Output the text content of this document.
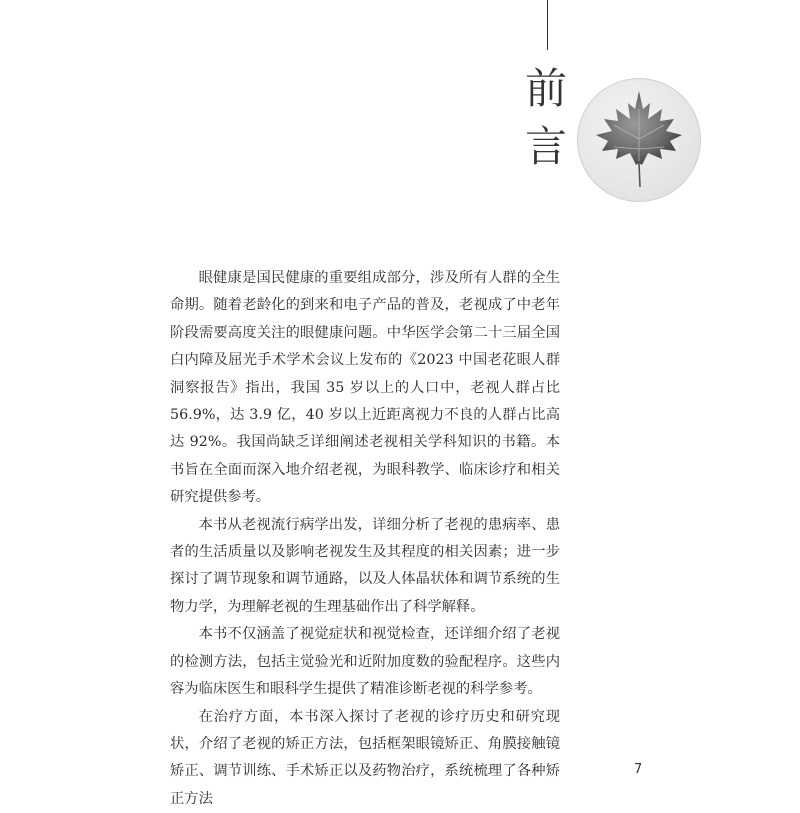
前
言

眼健康是国民健康的重要组成部分，涉及所有人群的全生命期。随着老龄化的到来和电子产品的普及，老视成了中老年阶段需要高度关注的眼健康问题。中华医学会第二十三届全国白内障及屈光手术学术会议上发布的《2023 中国老花眼人群洞察报告》指出，我国 35 岁以上的人口中，老视人群占比 56.9%，达 3.9 亿，40 岁以上近距离视力不良的人群占比高达 92%。我国尚缺乏详细阐述老视相关学科知识的书籍。本书旨在全面而深入地介绍老视，为眼科教学、临床诊疗和相关研究提供参考。

本书从老视流行病学出发，详细分析了老视的患病率、患者的生活质量以及影响老视发生及其程度的相关因素；进一步探讨了调节现象和调节通路，以及人体晶状体和调节系统的生物力学，为理解老视的生理基础作出了科学解释。

本书不仅涵盖了视觉症状和视觉检查，还详细介绍了老视的检测方法，包括主觉验光和近附加度数的验配程序。这些内容为临床医生和眼科学生提供了精准诊断老视的科学参考。

在治疗方面，本书深入探讨了老视的诊疗历史和研究现状，介绍了老视的矫正方法，包括框架眼镜矫正、角膜接触镜矫正、调节训练、手术矫正以及药物治疗，系统梳理了各种矫正方法

7
